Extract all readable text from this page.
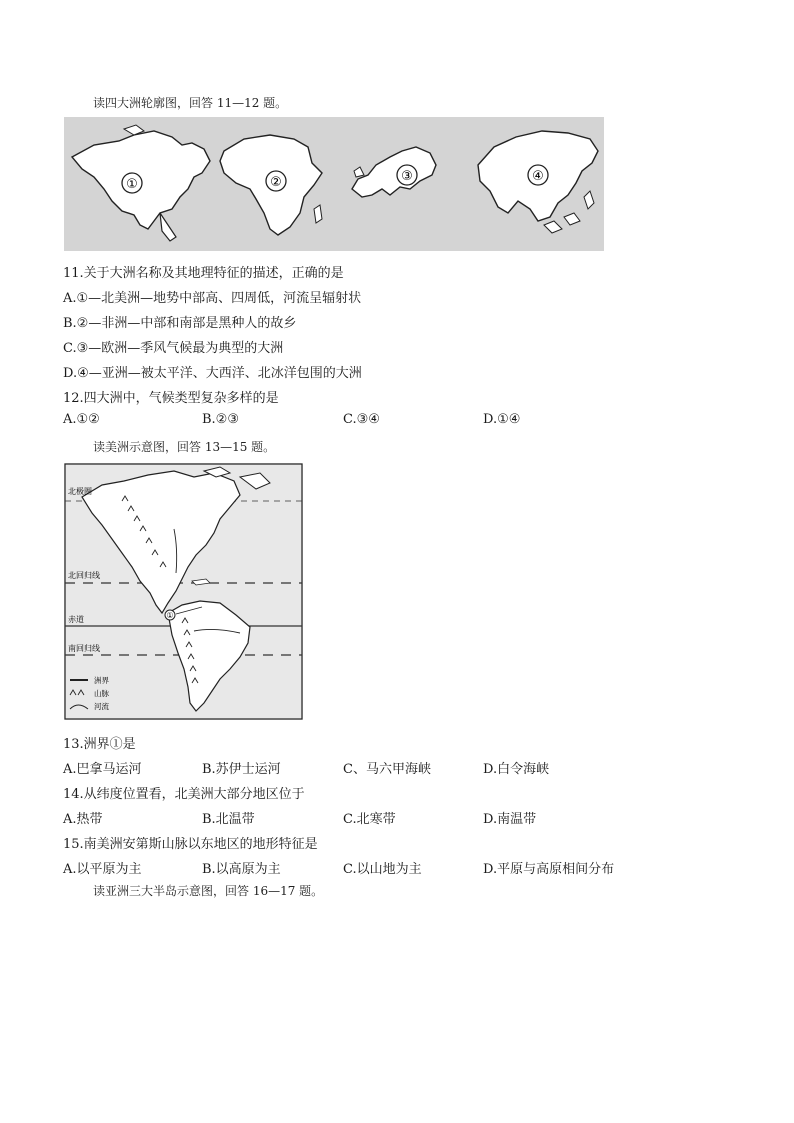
读四大洲轮廓图，回答 11—12 题。
①	②	③	④
11.关于大洲名称及其地理特征的描述，正确的是
A.①—北美洲—地势中部高、四周低，河流呈辐射状
B.②—非洲—中部和南部是黑种人的故乡
C.③—欧洲—季风气候最为典型的大洲
D.④—亚洲—被太平洋、大西洋、北冰洋包围的大洲
12.四大洲中，气候类型复杂多样的是
A.①②	B.②③	C.③④	D.①④
读美洲示意图，回答 13—15 题。
北极圈
北回归线
赤道
南回归线
①
洲界
山脉
河流
13.洲界①是
A.巴拿马运河	B.苏伊士运河	C、马六甲海峡	D.白令海峡
14.从纬度位置看，北美洲大部分地区位于
A.热带	B.北温带	C.北寒带	D.南温带
15.南美洲安第斯山脉以东地区的地形特征是
A.以平原为主	B.以高原为主	C.以山地为主	D.平原与高原相间分布
读亚洲三大半岛示意图，回答 16—17 题。
